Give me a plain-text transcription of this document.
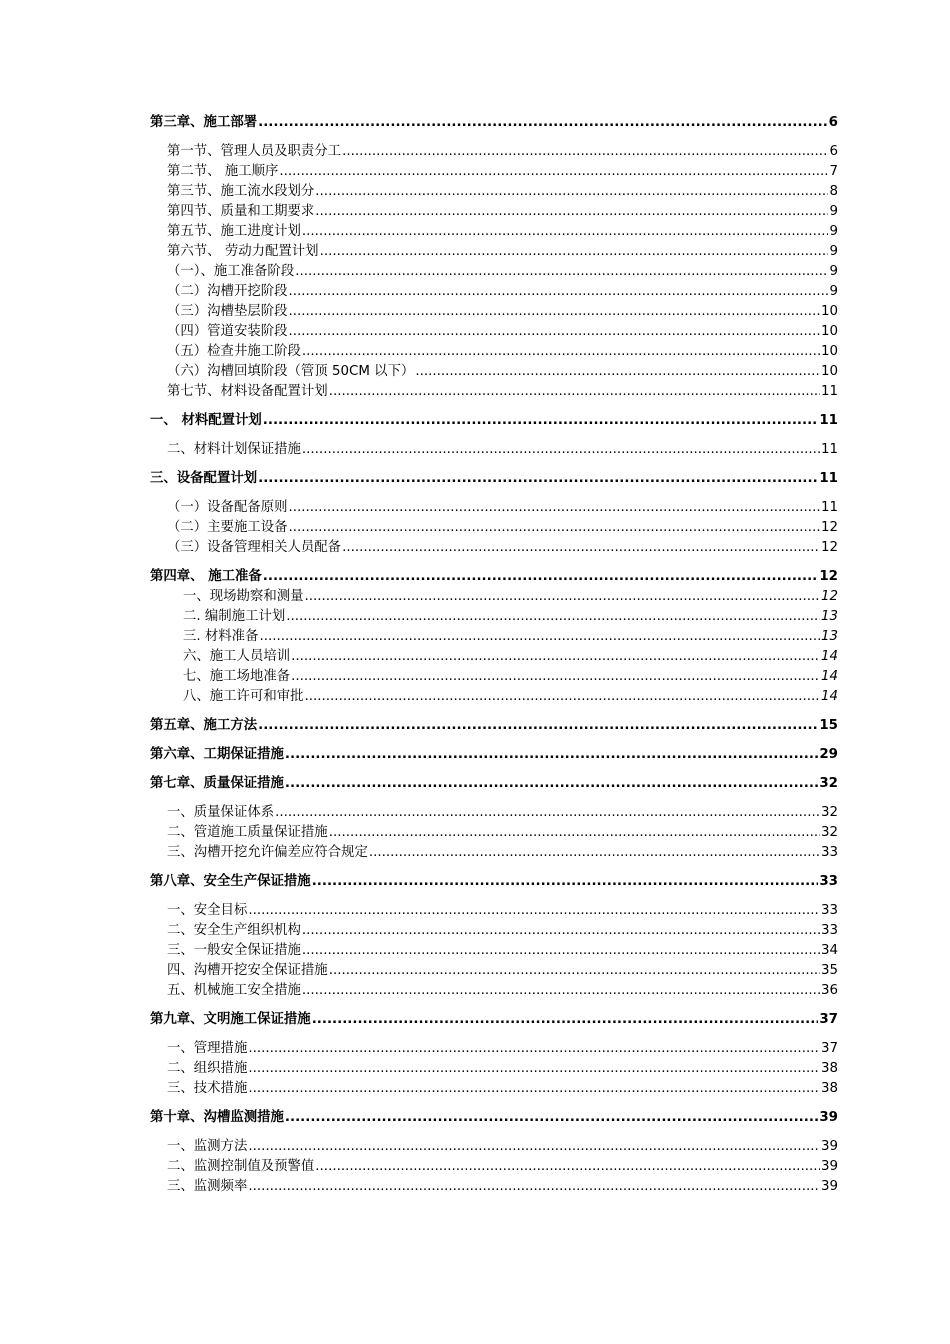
第三章、施工部署 .....	6
第一节、管理人员及职责分工 .....	6
第二节、 施工顺序 .....	7
第三节、施工流水段划分 .....	8
第四节、质量和工期要求 .....	9
第五节、施工进度计划 .....	9
第六节、 劳动力配置计划 .....	9
（一）、施工准备阶段 .....	9
（二）沟槽开挖阶段 .....	9
（三）沟槽垫层阶段 .....	10
（四）管道安装阶段 .....	10
（五）检查井施工阶段 .....	10
（六）沟槽回填阶段（管顶 50CM 以下） .....	10
第七节、材料设备配置计划 .....	11
一、 材料配置计划 .....	11
二、材料计划保证措施 .....	11
三、设备配置计划 .....	11
（一）设备配备原则 .....	11
（二）主要施工设备 .....	12
（三）设备管理相关人员配备 .....	12
第四章、 施工准备 .....	12
一、现场勘察和测量 .....	12
二. 编制施工计划 .....	13
三. 材料准备 .....	13
六、施工人员培训 .....	14
七、施工场地准备 .....	14
八、施工许可和审批 .....	14
第五章、施工方法 .....	15
第六章、工期保证措施 .....	29
第七章、质量保证措施 .....	32
一、质量保证体系 .....	32
二、管道施工质量保证措施 .....	32
三、沟槽开挖允许偏差应符合规定 .....	33
第八章、安全生产保证措施 .....	33
一、安全目标 .....	33
二、安全生产组织机构 .....	33
三、一般安全保证措施 .....	34
四、沟槽开挖安全保证措施 .....	35
五、机械施工安全措施 .....	36
第九章、文明施工保证措施 .....	37
一、管理措施 .....	37
二、组织措施 .....	38
三、技术措施 .....	38
第十章、沟槽监测措施 .....	39
一、监测方法 .....	39
二、监测控制值及预警值 .....	39
三、监测频率 .....	39
